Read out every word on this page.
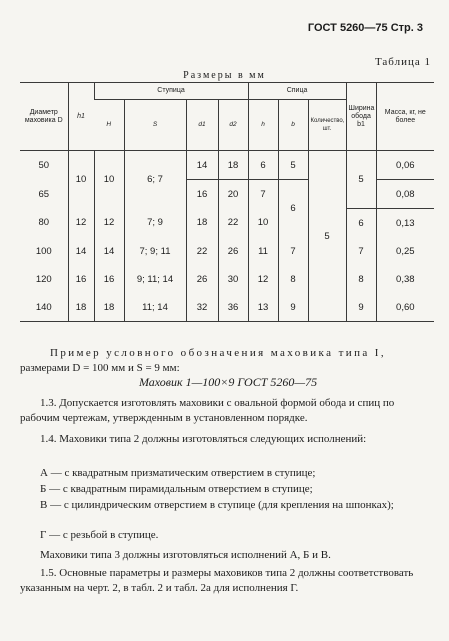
ГОСТ 5260—75 Стр. 3
Таблица 1
Размеры в мм
Диаметр маховика D	h1	Ступица				Спица			Ширина обода b1	Масса, кг, не более
		H	S	d1	d2	h	b	Количество, шт.		
50	10	10	6; 7	14	18	6	5	5	5	0,06
65				16	20	7	6			0,08
80	12	12	7; 9	18	22	10			6	0,13
100	14	14	7; 9; 11	22	26	11	7		7	0,25
120	16	16	9; 11; 14	26	30	12	8		8	0,38
140	18	18	11; 14	32	36	13	9		9	0,60
Пример условного обозначения маховика типа I,
размерами D = 100 мм и S = 9 мм:
Маховик 1—100×9 ГОСТ 5260—75
1.3. Допускается изготовлять маховики с овальной формой обода и спиц по рабочим чертежам, утвержденным в установленном порядке.
1.4. Маховики типа 2 должны изготовляться следующих исполнений:
А — с квадратным призматическим отверстием в ступице;
Б — с квадратным пирамидальным отверстием в ступице;
В — с цилиндрическим отверстием в ступице (для крепления на шпонках);
Г — с резьбой в ступице.
Маховики типа 3 должны изготовляться исполнений А, Б и В.
1.5. Основные параметры и размеры маховиков типа 2 должны соответствовать указанным на черт. 2, в табл. 2 и табл. 2а для исполнения Г.
